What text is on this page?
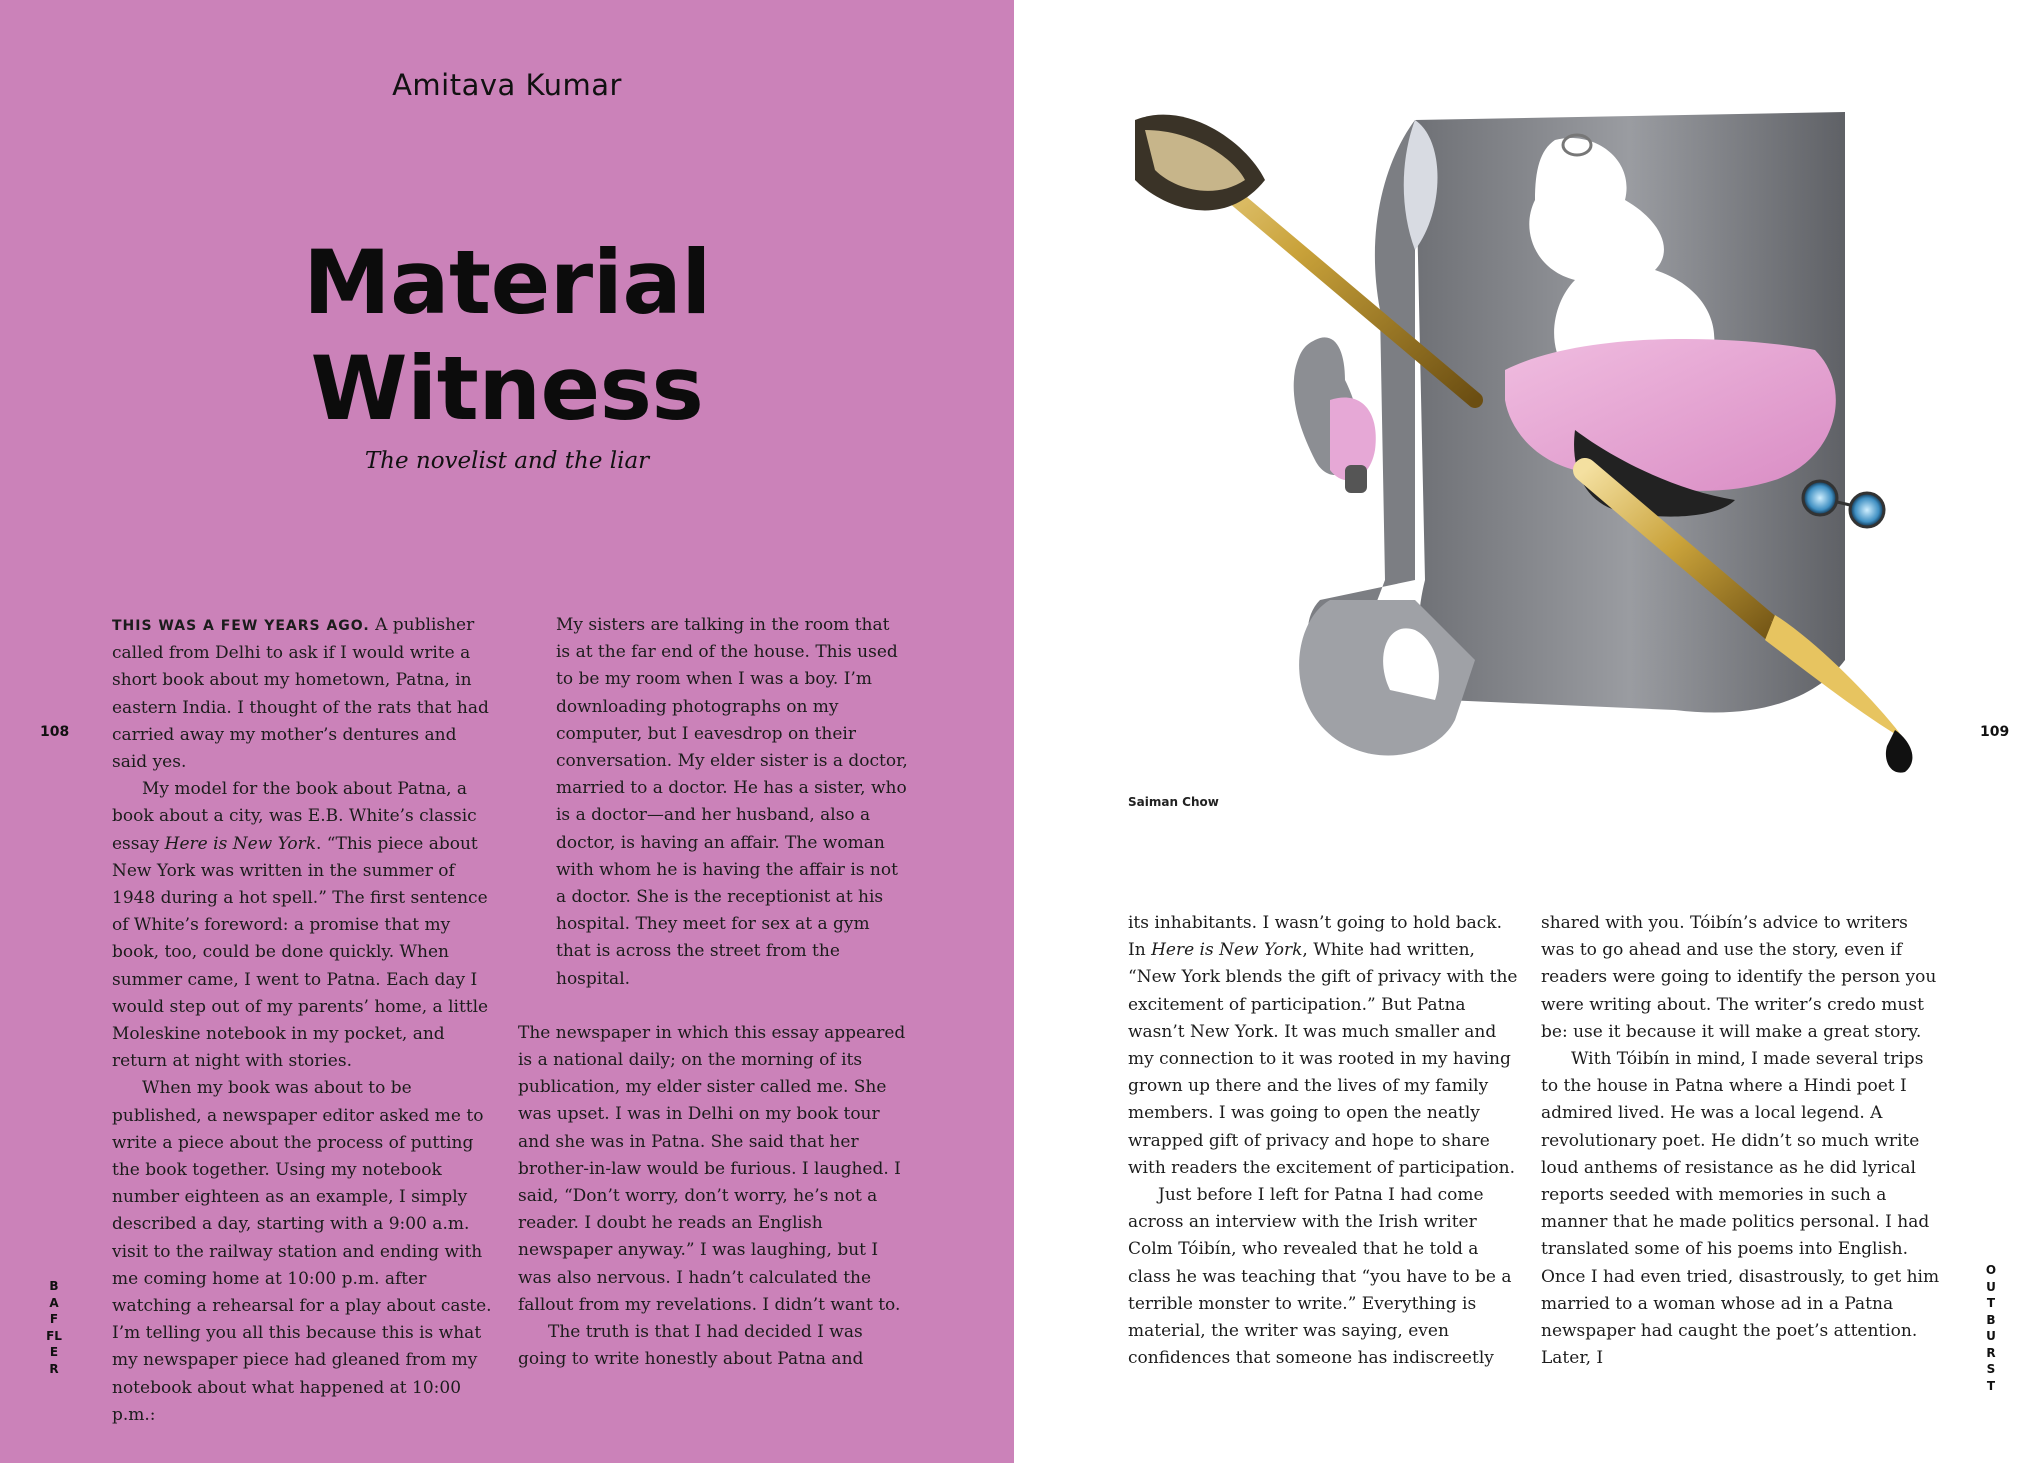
Amitava Kumar
Material
Witness
The novelist and the liar
108
BAFFLER
109
OUTBURST
Saiman Chow

THIS WAS A FEW YEARS AGO. A publisher called from Delhi to ask if I would write a short book about my hometown, Patna, in eastern India. I thought of the rats that had carried away my mother’s dentures and said yes.

My model for the book about Patna, a book about a city, was E.B. White’s classic essay Here is New York. “This piece about New York was written in the summer of 1948 during a hot spell.” The first sentence of White’s foreword: a promise that my book, too, could be done quickly. When summer came, I went to Patna. Each day I would step out of my parents’ home, a little Moleskine notebook in my pocket, and return at night with stories.

When my book was about to be published, a newspaper editor asked me to write a piece about the process of putting the book together. Using my notebook number eighteen as an example, I simply described a day, starting with a 9:00 a.m. visit to the railway station and ending with me coming home at 10:00 p.m. after watching a rehearsal for a play about caste. I’m telling you all this because this is what my newspaper piece had gleaned from my notebook about what happened at 10:00 p.m.:

My sisters are talking in the room that is at the far end of the house. This used to be my room when I was a boy. I’m downloading photographs on my computer, but I eavesdrop on their conversation. My elder sister is a doctor, married to a doctor. He has a sister, who is a doctor—and her husband, also a doctor, is having an affair. The woman with whom he is having the affair is not a doctor. She is the receptionist at his hospital. They meet for sex at a gym that is across the street from the hospital.

The newspaper in which this essay appeared is a national daily; on the morning of its publication, my elder sister called me. She was upset. I was in Delhi on my book tour and she was in Patna. She said that her brother-in-law would be furious. I laughed. I said, “Don’t worry, don’t worry, he’s not a reader. I doubt he reads an English newspaper anyway.” I was laughing, but I was also nervous. I hadn’t calculated the fallout from my revelations. I didn’t want to.

The truth is that I had decided I was going to write honestly about Patna and

its inhabitants. I wasn’t going to hold back. In Here is New York, White had written, “New York blends the gift of privacy with the excitement of participation.” But Patna wasn’t New York. It was much smaller and my connection to it was rooted in my having grown up there and the lives of my family members. I was going to open the neatly wrapped gift of privacy and hope to share with readers the excitement of participation.

Just before I left for Patna I had come across an interview with the Irish writer Colm Tóibín, who revealed that he told a class he was teaching that “you have to be a terrible monster to write.” Everything is material, the writer was saying, even confidences that someone has indiscreetly

shared with you. Tóibín’s advice to writers was to go ahead and use the story, even if readers were going to identify the person you were writing about. The writer’s credo must be: use it because it will make a great story.

With Tóibín in mind, I made several trips to the house in Patna where a Hindi poet I admired lived. He was a local legend. A revolutionary poet. He didn’t so much write loud anthems of resistance as he did lyrical reports seeded with memories in such a manner that he made politics personal. I had translated some of his poems into English. Once I had even tried, disastrously, to get him married to a woman whose ad in a Patna newspaper had caught the poet’s attention. Later, I
